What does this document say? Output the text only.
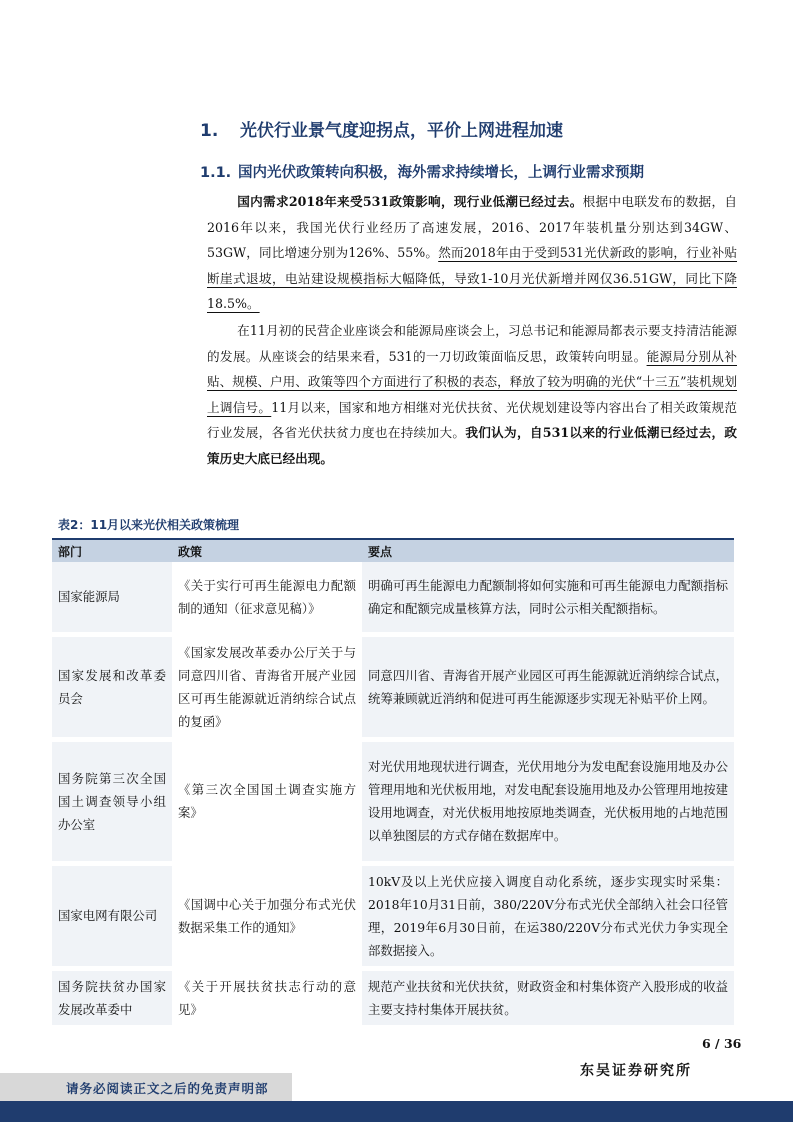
1. 光伏行业景气度迎拐点，平价上网进程加速
1.1. 国内光伏政策转向积极，海外需求持续增长，上调行业需求预期
国内需求2018年来受531政策影响，现行业低潮已经过去。根据中电联发布的数据，自2016年以来，我国光伏行业经历了高速发展，2016、2017年装机量分别达到34GW、53GW，同比增速分别为126%、55%。然而2018年由于受到531光伏新政的影响，行业补贴断崖式退坡，电站建设规模指标大幅降低，导致1-10月光伏新增并网仅36.51GW，同比下降18.5%。
在11月初的民营企业座谈会和能源局座谈会上，习总书记和能源局都表示要支持清洁能源的发展。从座谈会的结果来看，531的一刀切政策面临反思，政策转向明显。能源局分别从补贴、规模、户用、政策等四个方面进行了积极的表态，释放了较为明确的光伏“十三五”装机规划上调信号。11月以来，国家和地方相继对光伏扶贫、光伏规划建设等内容出台了相关政策规范行业发展，各省光伏扶贫力度也在持续加大。我们认为，自531以来的行业低潮已经过去，政策历史大底已经出现。
表2：11月以来光伏相关政策梳理
部门	政策	要点
国家能源局	《关于实行可再生能源电力配额制的通知（征求意见稿）》	明确可再生能源电力配额制将如何实施和可再生能源电力配额指标确定和配额完成量核算方法，同时公示相关配额指标。
国家发展和改革委员会	《国家发展改革委办公厅关于与同意四川省、青海省开展产业园区可再生能源就近消纳综合试点的复函》	同意四川省、青海省开展产业园区可再生能源就近消纳综合试点，统筹兼顾就近消纳和促进可再生能源逐步实现无补贴平价上网。
国务院第三次全国国土调查领导小组办公室	《第三次全国国土调查实施方案》	对光伏用地现状进行调查，光伏用地分为发电配套设施用地及办公管理用地和光伏板用地，对发电配套设施用地及办公管理用地按建设用地调查，对光伏板用地按原地类调查，光伏板用地的占地范围以单独图层的方式存储在数据库中。
国家电网有限公司	《国调中心关于加强分布式光伏数据采集工作的通知》	10kV及以上光伏应接入调度自动化系统，逐步实现实时采集：2018年10月31日前，380/220V分布式光伏全部纳入社会口径管理，2019年6月30日前，在运380/220V分布式光伏力争实现全部数据接入。
国务院扶贫办国家发展改革委中	《关于开展扶贫扶志行动的意见》	规范产业扶贫和光伏扶贫，财政资金和村集体资产入股形成的收益主要支持村集体开展扶贫。
6 / 36
东吴证券研究所
请务必阅读正文之后的免责声明部
